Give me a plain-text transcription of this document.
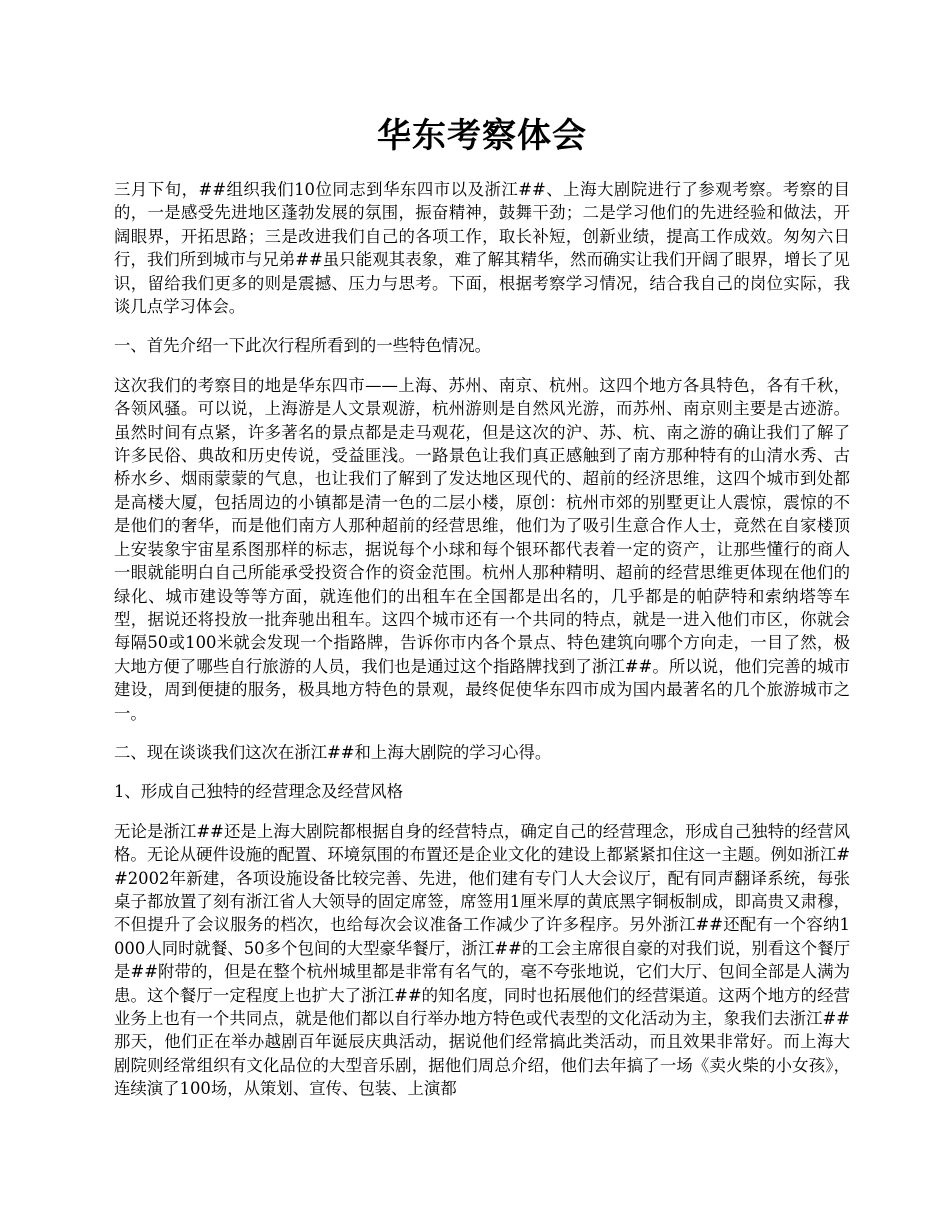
华东考察体会

三月下旬，##组织我们10位同志到华东四市以及浙江##、上海大剧院进行了参观考察。考察的目的，一是感受先进地区蓬勃发展的氛围，振奋精神，鼓舞干劲；二是学习他们的先进经验和做法，开阔眼界，开拓思路；三是改进我们自己的各项工作，取长补短，创新业绩，提高工作成效。匆匆六日行，我们所到城市与兄弟##虽只能观其表象，难了解其精华，然而确实让我们开阔了眼界，增长了见识，留给我们更多的则是震撼、压力与思考。下面，根据考察学习情况，结合我自己的岗位实际，我谈几点学习体会。

一、首先介绍一下此次行程所看到的一些特色情况。

这次我们的考察目的地是华东四市——上海、苏州、南京、杭州。这四个地方各具特色，各有千秋，各领风骚。可以说，上海游是人文景观游，杭州游则是自然风光游，而苏州、南京则主要是古迹游。虽然时间有点紧，许多著名的景点都是走马观花，但是这次的沪、苏、杭、南之游的确让我们了解了许多民俗、典故和历史传说，受益匪浅。一路景色让我们真正感触到了南方那种特有的山清水秀、古桥水乡、烟雨蒙蒙的气息，也让我们了解到了发达地区现代的、超前的经济思维，这四个城市到处都是高楼大厦，包括周边的小镇都是清一色的二层小楼，原创：杭州市郊的别墅更让人震惊，震惊的不是他们的奢华，而是他们南方人那种超前的经营思维，他们为了吸引生意合作人士，竟然在自家楼顶上安装象宇宙星系图那样的标志，据说每个小球和每个银环都代表着一定的资产，让那些懂行的商人一眼就能明白自己所能承受投资合作的资金范围。杭州人那种精明、超前的经营思维更体现在他们的绿化、城市建设等等方面，就连他们的出租车在全国都是出名的，几乎都是的帕萨特和索纳塔等车型，据说还将投放一批奔驰出租车。这四个城市还有一个共同的特点，就是一进入他们市区，你就会每隔50或100米就会发现一个指路牌，告诉你市内各个景点、特色建筑向哪个方向走，一目了然，极大地方便了哪些自行旅游的人员，我们也是通过这个指路牌找到了浙江##。所以说，他们完善的城市建设，周到便捷的服务，极具地方特色的景观，最终促使华东四市成为国内最著名的几个旅游城市之一。

二、现在谈谈我们这次在浙江##和上海大剧院的学习心得。

1、形成自己独特的经营理念及经营风格

无论是浙江##还是上海大剧院都根据自身的经营特点，确定自己的经营理念，形成自己独特的经营风格。无论从硬件设施的配置、环境氛围的布置还是企业文化的建设上都紧紧扣住这一主题。例如浙江##2002年新建，各项设施设备比较完善、先进，他们建有专门人大会议厅，配有同声翻译系统，每张桌子都放置了刻有浙江省人大领导的固定席签，席签用1厘米厚的黄底黑字铜板制成，即高贵又肃穆，不但提升了会议服务的档次，也给每次会议准备工作减少了许多程序。另外浙江##还配有一个容纳1000人同时就餐、50多个包间的大型豪华餐厅，浙江##的工会主席很自豪的对我们说，别看这个餐厅是##附带的，但是在整个杭州城里都是非常有名气的，毫不夸张地说，它们大厅、包间全部是人满为患。这个餐厅一定程度上也扩大了浙江##的知名度，同时也拓展他们的经营渠道。这两个地方的经营业务上也有一个共同点，就是他们都以自行举办地方特色或代表型的文化活动为主，象我们去浙江##那天，他们正在举办越剧百年诞辰庆典活动，据说他们经常搞此类活动，而且效果非常好。而上海大剧院则经常组织有文化品位的大型音乐剧，据他们周总介绍，他们去年搞了一场《卖火柴的小女孩》，连续演了100场，从策划、宣传、包装、上演都
